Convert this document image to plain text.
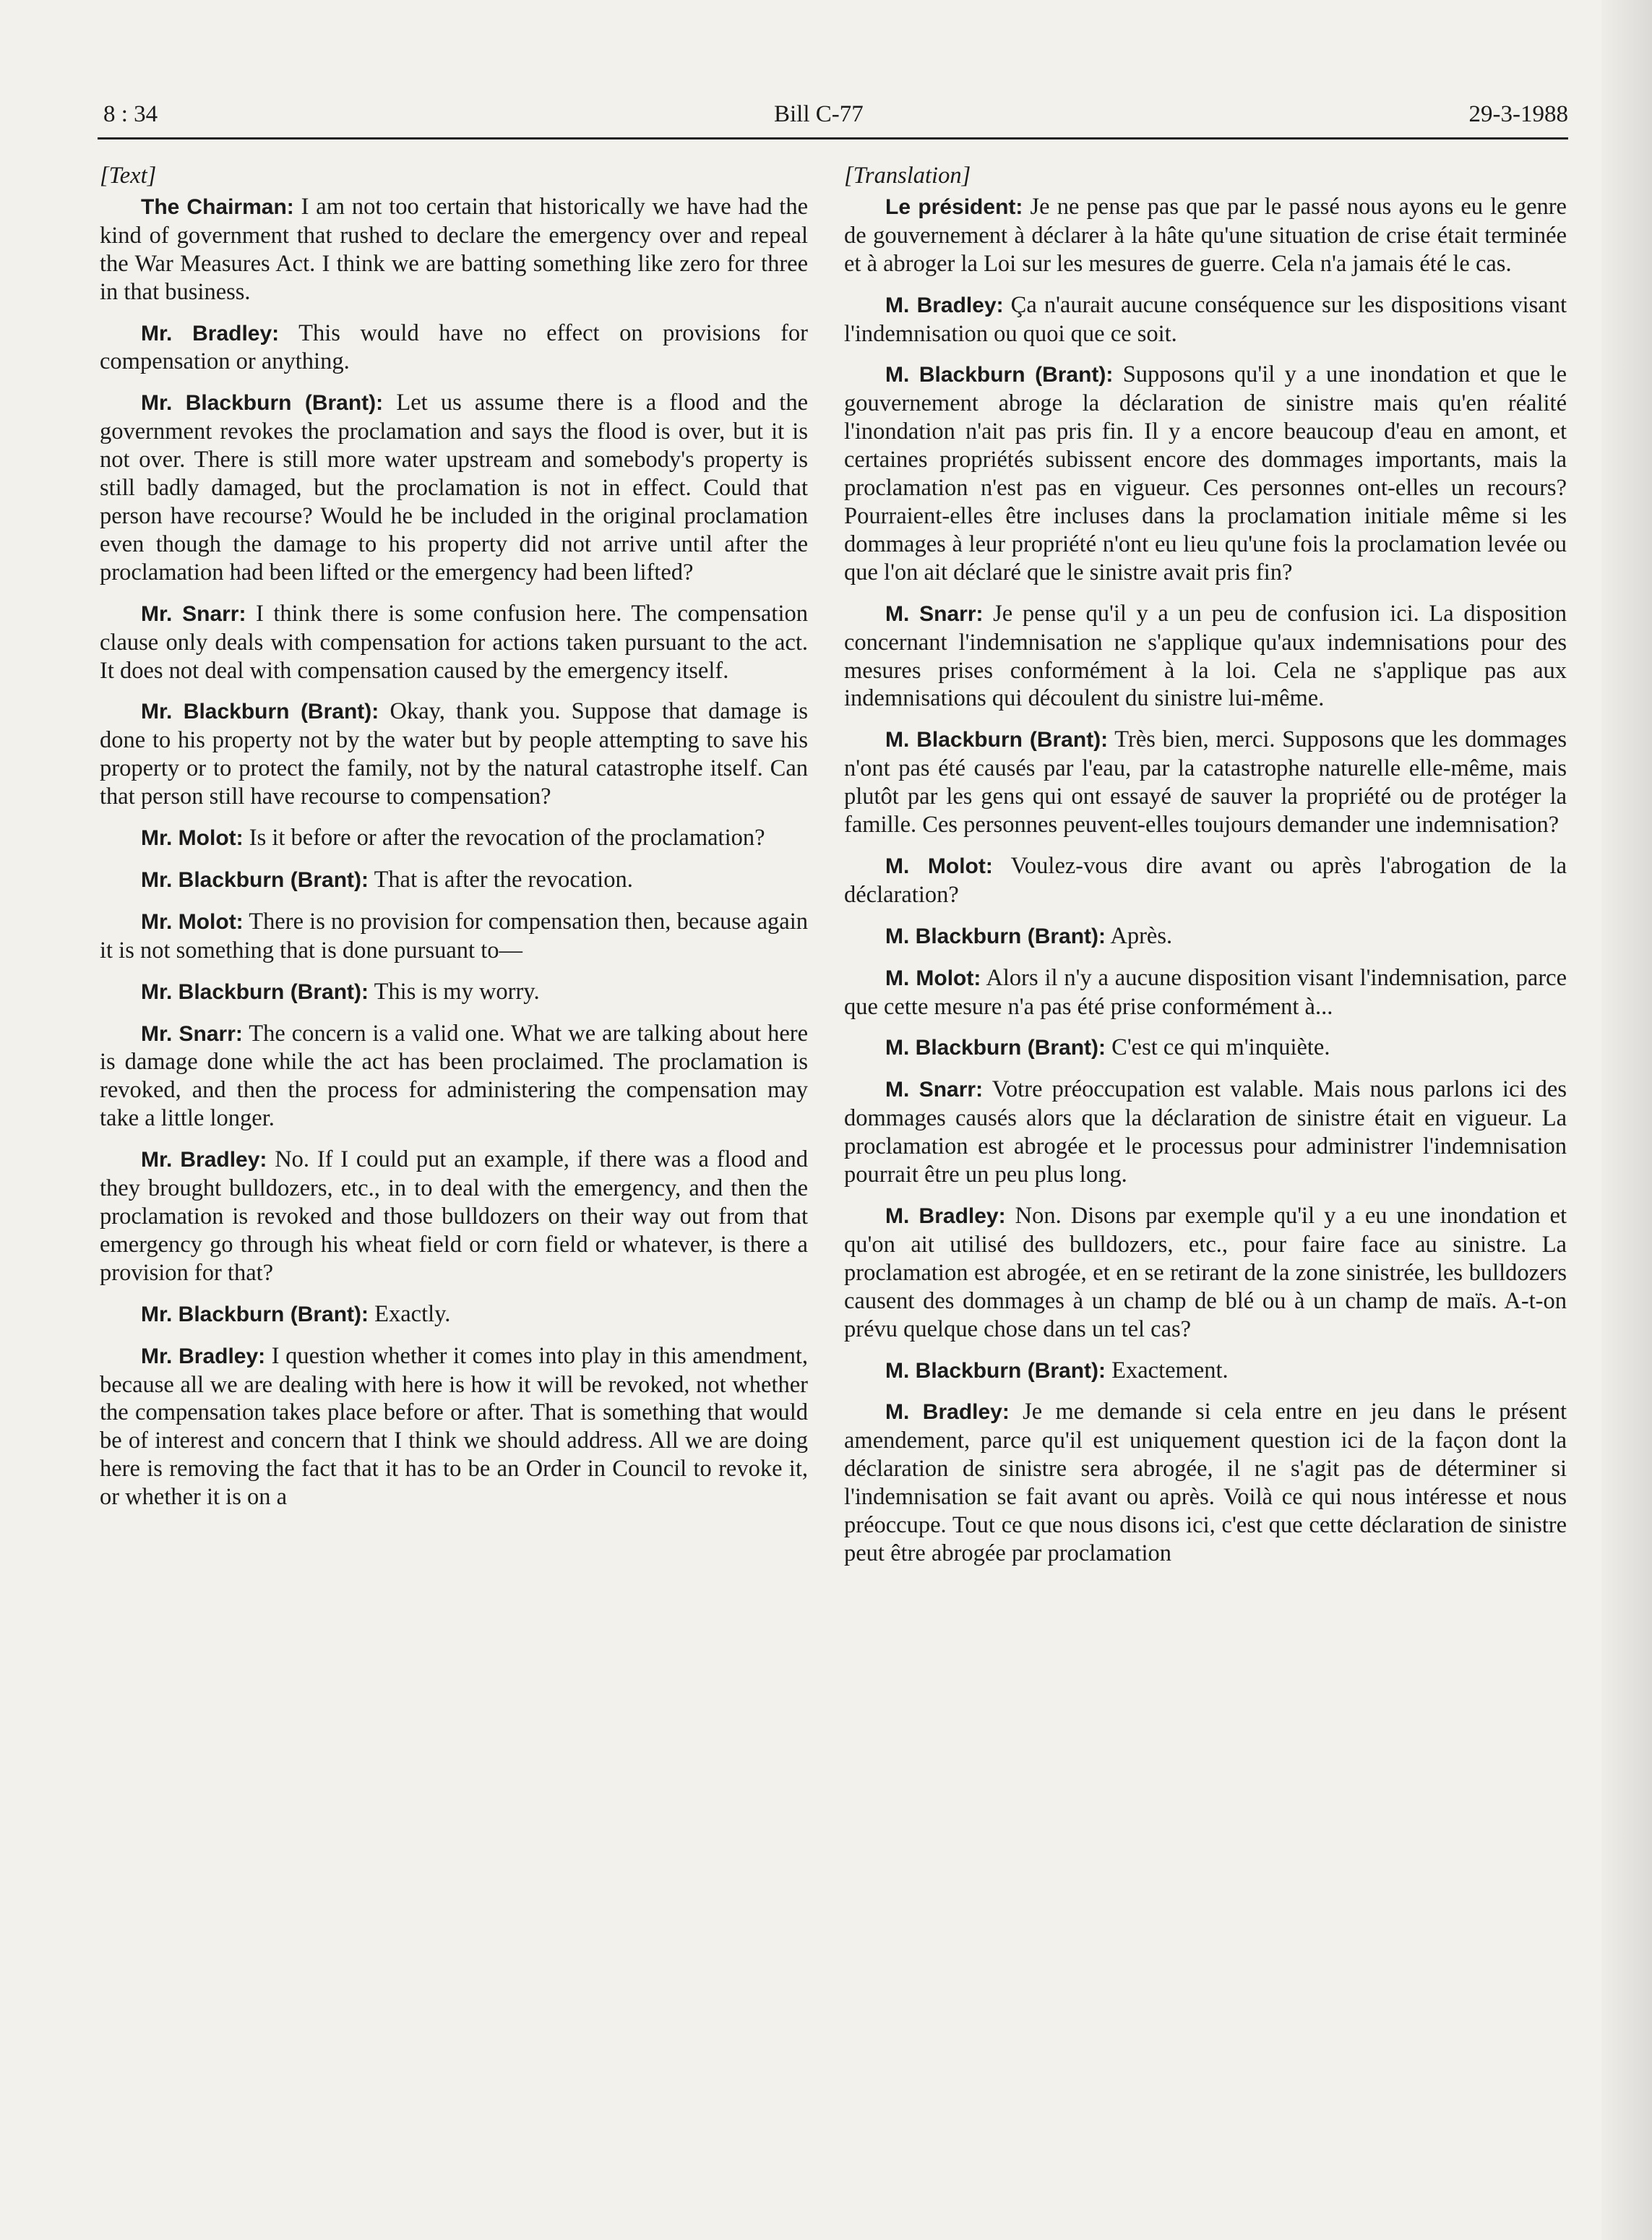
8 : 34	Bill C-77	29-3-1988
[Text]

The Chairman: I am not too certain that historically we have had the kind of government that rushed to declare the emergency over and repeal the War Measures Act. I think we are batting something like zero for three in that business.

Mr. Bradley: This would have no effect on provisions for compensation or anything.

Mr. Blackburn (Brant): Let us assume there is a flood and the government revokes the proclamation and says the flood is over, but it is not over. There is still more water upstream and somebody's property is still badly damaged, but the proclamation is not in effect. Could that person have recourse? Would he be included in the original proclamation even though the damage to his property did not arrive until after the proclamation had been lifted or the emergency had been lifted?

Mr. Snarr: I think there is some confusion here. The compensation clause only deals with compensation for actions taken pursuant to the act. It does not deal with compensation caused by the emergency itself.

Mr. Blackburn (Brant): Okay, thank you. Suppose that damage is done to his property not by the water but by people attempting to save his property or to protect the family, not by the natural catastrophe itself. Can that person still have recourse to compensation?

Mr. Molot: Is it before or after the revocation of the proclamation?

Mr. Blackburn (Brant): That is after the revocation.

Mr. Molot: There is no provision for compensation then, because again it is not something that is done pursuant to—

Mr. Blackburn (Brant): This is my worry.

Mr. Snarr: The concern is a valid one. What we are talking about here is damage done while the act has been proclaimed. The proclamation is revoked, and then the process for administering the compensation may take a little longer.

Mr. Bradley: No. If I could put an example, if there was a flood and they brought bulldozers, etc., in to deal with the emergency, and then the proclamation is revoked and those bulldozers on their way out from that emergency go through his wheat field or corn field or whatever, is there a provision for that?

Mr. Blackburn (Brant): Exactly.

Mr. Bradley: I question whether it comes into play in this amendment, because all we are dealing with here is how it will be revoked, not whether the compensation takes place before or after. That is something that would be of interest and concern that I think we should address. All we are doing here is removing the fact that it has to be an Order in Council to revoke it, or whether it is on a

[Translation]

Le président: Je ne pense pas que par le passé nous ayons eu le genre de gouvernement à déclarer à la hâte qu'une situation de crise était terminée et à abroger la Loi sur les mesures de guerre. Cela n'a jamais été le cas.

M. Bradley: Ça n'aurait aucune conséquence sur les dispositions visant l'indemnisation ou quoi que ce soit.

M. Blackburn (Brant): Supposons qu'il y a une inondation et que le gouvernement abroge la déclaration de sinistre mais qu'en réalité l'inondation n'ait pas pris fin. Il y a encore beaucoup d'eau en amont, et certaines propriétés subissent encore des dommages importants, mais la proclamation n'est pas en vigueur. Ces personnes ont-elles un recours? Pourraient-elles être incluses dans la proclamation initiale même si les dommages à leur propriété n'ont eu lieu qu'une fois la proclamation levée ou que l'on ait déclaré que le sinistre avait pris fin?

M. Snarr: Je pense qu'il y a un peu de confusion ici. La disposition concernant l'indemnisation ne s'applique qu'aux indemnisations pour des mesures prises conformément à la loi. Cela ne s'applique pas aux indemnisations qui découlent du sinistre lui-même.

M. Blackburn (Brant): Très bien, merci. Supposons que les dommages n'ont pas été causés par l'eau, par la catastrophe naturelle elle-même, mais plutôt par les gens qui ont essayé de sauver la propriété ou de protéger la famille. Ces personnes peuvent-elles toujours demander une indemnisation?

M. Molot: Voulez-vous dire avant ou après l'abrogation de la déclaration?

M. Blackburn (Brant): Après.

M. Molot: Alors il n'y a aucune disposition visant l'indemnisation, parce que cette mesure n'a pas été prise conformément à...

M. Blackburn (Brant): C'est ce qui m'inquiète.

M. Snarr: Votre préoccupation est valable. Mais nous parlons ici des dommages causés alors que la déclaration de sinistre était en vigueur. La proclamation est abrogée et le processus pour administrer l'indemnisation pourrait être un peu plus long.

M. Bradley: Non. Disons par exemple qu'il y a eu une inondation et qu'on ait utilisé des bulldozers, etc., pour faire face au sinistre. La proclamation est abrogée, et en se retirant de la zone sinistrée, les bulldozers causent des dommages à un champ de blé ou à un champ de maïs. A-t-on prévu quelque chose dans un tel cas?

M. Blackburn (Brant): Exactement.

M. Bradley: Je me demande si cela entre en jeu dans le présent amendement, parce qu'il est uniquement question ici de la façon dont la déclaration de sinistre sera abrogée, il ne s'agit pas de déterminer si l'indemnisation se fait avant ou après. Voilà ce qui nous intéresse et nous préoccupe. Tout ce que nous disons ici, c'est que cette déclaration de sinistre peut être abrogée par proclamation
